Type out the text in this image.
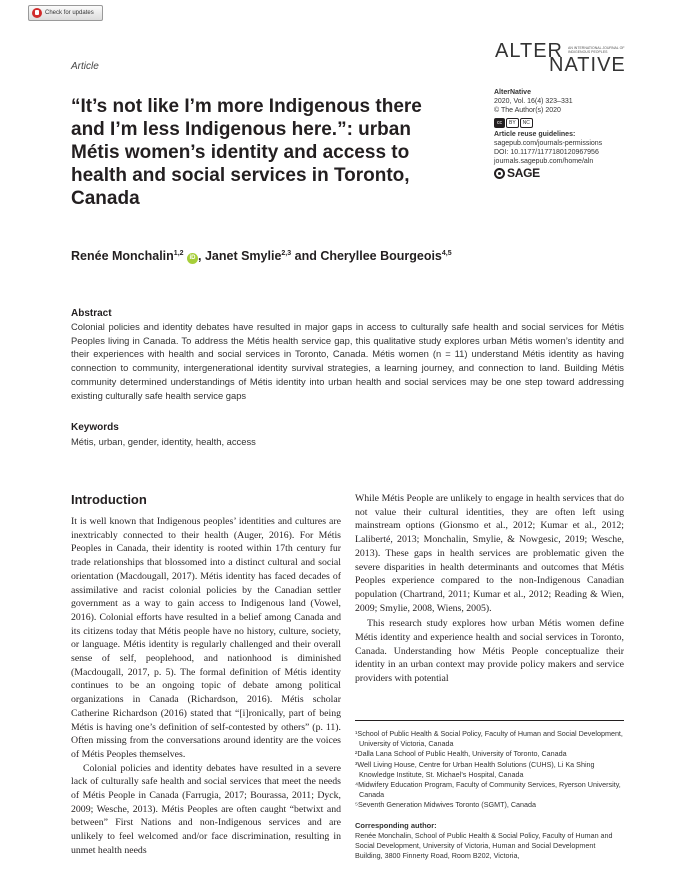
Check for updates
ALTER AN INTERNATIONAL JOURNAL OF INDIGENOUS PEOPLES
NATIVE
Article
“It’s not like I’m more Indigenous there and I’m less Indigenous here.”: urban Métis women’s identity and access to health and social services in Toronto, Canada
AlterNative
2020, Vol. 16(4) 323–331
© The Author(s) 2020
cc	BY	NC
Article reuse guidelines:
sagepub.com/journals-permissions
DOI: 10.1177/1177180120967956
journals.sagepub.com/home/aln
SAGE
Renée Monchalin$^{1,2}$ iD , Janet Smylie$^{2,3}$ and Cheryllee Bourgeois$^{4,5}$
Abstract

Colonial policies and identity debates have resulted in major gaps in access to culturally safe health and social services for Métis Peoples living in Canada. To address the Métis health service gap, this qualitative study explores urban Métis women’s identity and their experiences with health and social services in Toronto, Canada. Métis women (n = 11) understand Métis identity as having connection to community, intergenerational identity survival strategies, a learning journey, and connection to land. Building Métis community determined understandings of Métis identity into urban health and social services may be one step toward addressing existing culturally safe health service gaps

Keywords
Métis, urban, gender, identity, health, access
Introduction

It is well known that Indigenous peoples’ identities and cultures are inextricably connected to their health (Auger, 2016). For Métis Peoples in Canada, their identity is rooted within 17th century fur trade relationships that blossomed into a distinct cultural and social orientation (Macdougall, 2017). Métis identity has faced decades of assimilative and racist colonial policies by the Canadian settler government as a way to gain access to Indigenous land (Vowel, 2016). Colonial efforts have resulted in a belief among Canada and its citizens today that Métis people have no history, culture, society, or language. Métis identity is regularly challenged and their overall sense of self, peoplehood, and nationhood is diminished (Macdougall, 2017, p. 5). The formal definition of Métis identity continues to be an ongoing topic of debate among political organizations in Canada (Richardson, 2016). Métis scholar Catherine Richardson (2016) stated that “[i]ronically, part of being Métis is having one’s definition of self-contested by others” (p. 11). Often missing from the conversations around identity are the voices of Métis Peoples themselves.

Colonial policies and identity debates have resulted in a severe lack of culturally safe health and social services that meet the needs of Métis People in Canada (Farrugia, 2017; Bourassa, 2011; Dyck, 2009; Wesche, 2013). Métis Peoples are often caught “betwixt and between” First Nations and non-Indigenous services and are unlikely to feel welcomed and/or face discrimination, resulting in unmet health needs

While Métis People are unlikely to engage in health services that do not value their cultural identities, they are often left using mainstream options (Gionsmo et al., 2012; Kumar et al., 2012; Laliberté, 2013; Monchalin, Smylie, & Nowgesic, 2019; Wesche, 2013). These gaps in health services are problematic given the severe disparities in health determinants and outcomes that Métis Peoples experience compared to the non-Indigenous Canadian population (Chartrand, 2011; Kumar et al., 2012; Reading & Wien, 2009; Smylie, 2008, Wiens, 2005).

This research study explores how urban Métis women define Métis identity and experience health and social services in Toronto, Canada. Understanding how Métis People conceptualize their identity in an urban context may provide policy makers and service providers with potential

¹School of Public Health & Social Policy, Faculty of Human and Social Development, University of Victoria, Canada
²Dalla Lana School of Public Health, University of Toronto, Canada
³Well Living House, Centre for Urban Health Solutions (CUHS), Li Ka Shing Knowledge Institute, St. Michael’s Hospital, Canada
⁴Midwifery Education Program, Faculty of Community Services, Ryerson University, Canada
⁵Seventh Generation Midwives Toronto (SGMT), Canada
Corresponding author:
Renée Monchalin, School of Public Health & Social Policy, Faculty of Human and Social Development, University of Victoria, Human and Social Development Building, 3800 Finnerty Road, Room B202, Victoria,
